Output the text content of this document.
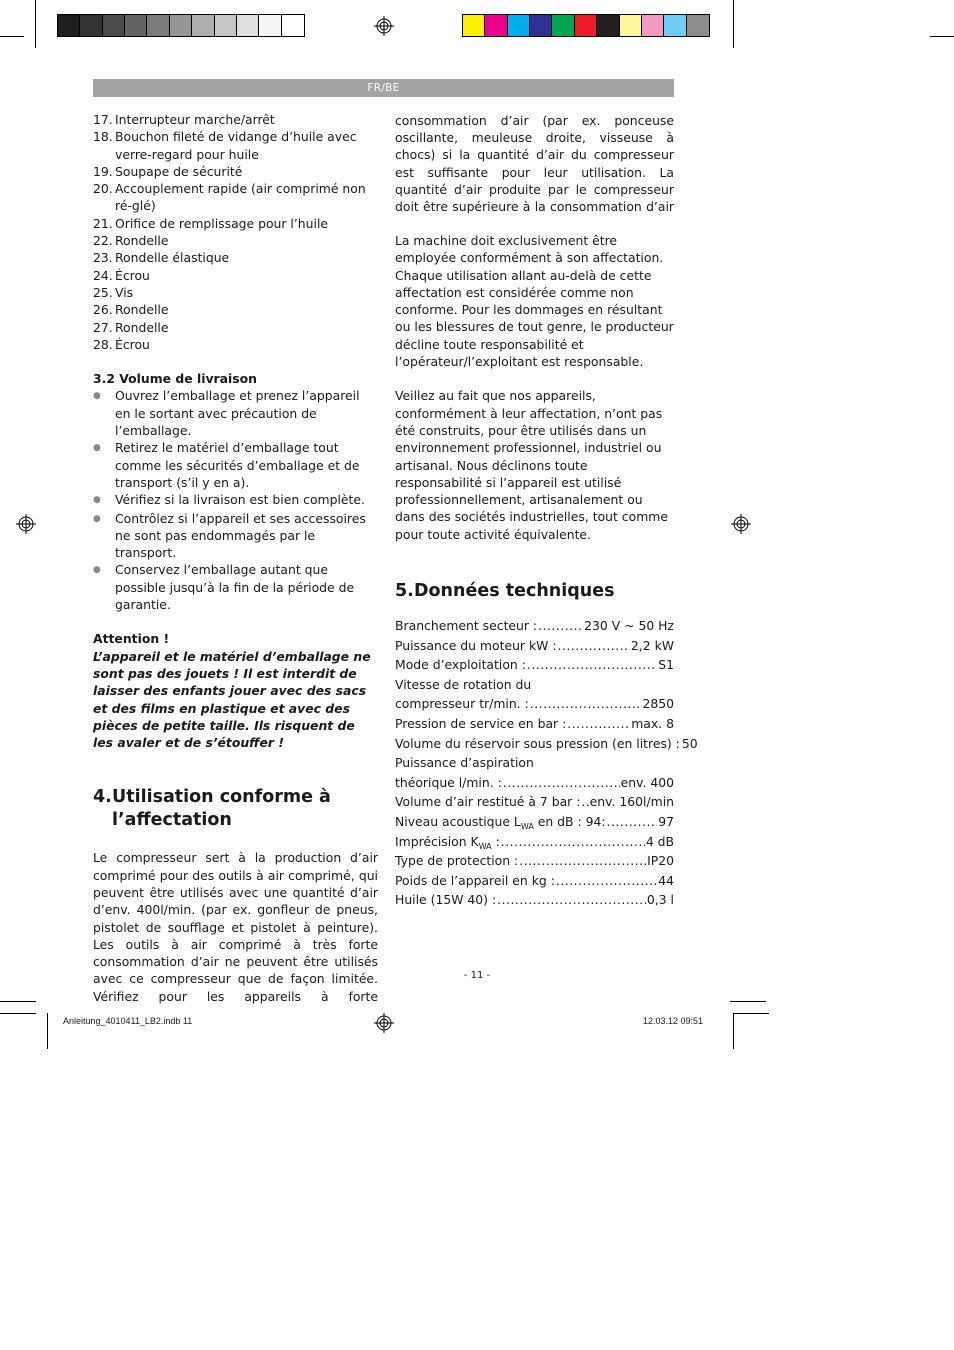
FR/BE
17. Interrupteur marche/arrêt
18. Bouchon fileté de vidange d’huile avec verre-regard pour huile
19. Soupape de sécurité
20. Accouplement rapide (air comprimé non ré-glé)
21. Orifice de remplissage pour l’huile
22. Rondelle
23. Rondelle élastique
24. Écrou
25. Vis
26. Rondelle
27. Rondelle
28. Écrou
3.2 Volume de livraison
●	Ouvrez l’emballage et prenez l’appareil en le sortant avec précaution de l’emballage.
●	Retirez le matériel d’emballage tout comme les sécurités d’emballage et de transport (s’il y en a).
●	Vérifiez si la livraison est bien complète.
●	Contrôlez si l’appareil et ses accessoires ne sont pas endommagés par le transport.
●	Conservez l’emballage autant que possible jusqu’à la fin de la période de garantie.
Attention !
L’appareil et le matériel d’emballage ne sont pas des jouets ! Il est interdit de laisser des enfants jouer avec des sacs et des films en plastique et avec des pièces de petite taille. Ils risquent de les avaler et de s’étouffer !
4.Utilisation conforme à
l’affectation

Le compresseur sert à la production d’air comprimé pour des outils à air comprimé, qui peuvent être utilisés avec une quantité d’air d’env. 400l/min. (par ex. gonfleur de pneus, pistolet de soufflage et pistolet à peinture). Les outils à air comprimé à très forte consommation d’air ne peuvent être utilisés avec ce compresseur que de façon limitée. Vérifiez pour les appareils à forte

consommation d’air (par ex. ponceuse oscillante, meuleuse droite, visseuse à chocs) si la quantité d’air du compresseur est suffisante pour leur utilisation. La quantité d’air produite par le compresseur doit être supérieure à la consommation d’air

La machine doit exclusivement être employée conformément à son affectation. Chaque utilisation allant au-delà de cette affectation est considérée comme non conforme. Pour les dommages en résultant ou les blessures de tout genre, le producteur décline toute responsabilité et l’opérateur/l’exploitant est responsable.

Veillez au fait que nos appareils, conformément à leur affectation, n’ont pas été construits, pour être utilisés dans un environnement professionnel, industriel ou artisanal. Nous déclinons toute responsabilité si l’appareil est utilisé professionnellement, artisanalement ou dans des sociétés industrielles, tout comme pour toute activité équivalente.

5.Données techniques
Branchement secteur : .....	230 V ~ 50 Hz
Puissance du moteur kW : .....	2,2 kW
Mode d’exploitation : .....	S1
Vitesse de rotation du
compresseur tr/min. : .....	2850
Pression de service en bar : .....	max. 8
Volume du réservoir sous pression (en litres) : 50
Puissance d’aspiration
théorique l/min. : .....	env. 400
Volume d’air restitué à 7 bar : ..... env. 160l/min
Niveau acoustique $L_{WA}$ en dB : 94: .....	97
Imprécision $K_{WA}$ : .....	4 dB
Type de protection : .....	IP20
Poids de l’appareil en kg : .....	44
Huile (15W 40) : .....	0,3 l
- 11 -
Anleitung_4010411_LB2.indb 11	12.03.12 09:51
